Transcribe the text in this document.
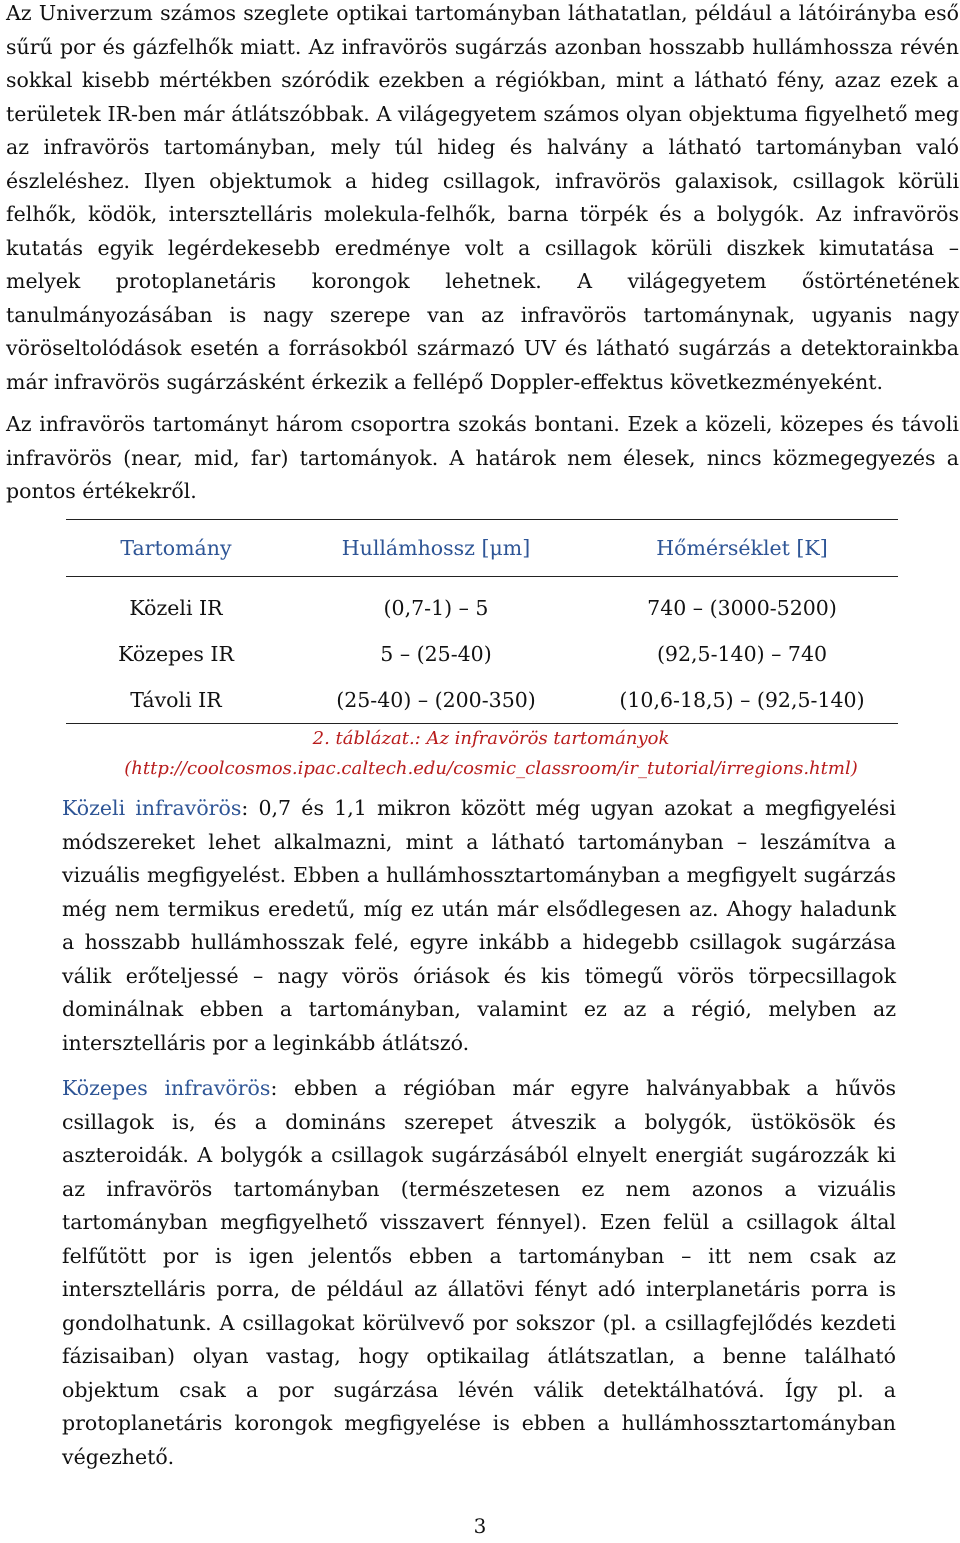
Az Univerzum számos szeglete optikai tartományban láthatatlan, például a látóirányba eső sűrű por és gázfelhők miatt. Az infravörös sugárzás azonban hosszabb hullámhossza révén sokkal kisebb mértékben szóródik ezekben a régiókban, mint a látható fény, azaz ezek a területek IR-ben már átlátszóbbak. A világegyetem számos olyan objektuma figyelhető meg az infravörös tartományban, mely túl hideg és halvány a látható tartományban való észleléshez. Ilyen objektumok a hideg csillagok, infravörös galaxisok, csillagok körüli felhők, ködök, intersztelláris molekula-felhők, barna törpék és a bolygók. Az infravörös kutatás egyik legérdekesebb eredménye volt a csillagok körüli diszkek kimutatása – melyek protoplanetáris korongok lehetnek. A világegyetem őstörténetének tanulmányozásában is nagy szerepe van az infravörös tartománynak, ugyanis nagy vöröseltolódások esetén a forrásokból származó UV és látható sugárzás a detektorainkba már infravörös sugárzásként érkezik a fellépő Doppler-effektus következményeként.

Az infravörös tartományt három csoportra szokás bontani. Ezek a közeli, közepes és távoli infravörös (near, mid, far) tartományok. A határok nem élesek, nincs közmegegyezés a pontos értékekről.

Tartomány	Hullámhossz [μm]	Hőmérséklet [K]
Közeli IR	(0,7-1) – 5	740 – (3000-5200)
Közepes IR	5 – (25-40)	(92,5-140) – 740
Távoli IR	(25-40) – (200-350)	(10,6-18,5) – (92,5-140)
2. táblázat.: Az infravörös tartományok
(http://coolcosmos.ipac.caltech.edu/cosmic_classroom/ir_tutorial/irregions.html)

Közeli infravörös: 0,7 és 1,1 mikron között még ugyan azokat a megfigyelési módszereket lehet alkalmazni, mint a látható tartományban – leszámítva a vizuális megfigyelést. Ebben a hullámhossztartományban a megfigyelt sugárzás még nem termikus eredetű, míg ez után már elsődlegesen az. Ahogy haladunk a hosszabb hullámhosszak felé, egyre inkább a hidegebb csillagok sugárzása válik erőteljessé – nagy vörös óriások és kis tömegű vörös törpecsillagok dominálnak ebben a tartományban, valamint ez az a régió, melyben az intersztelláris por a leginkább átlátszó.

Közepes infravörös: ebben a régióban már egyre halványabbak a hűvös csillagok is, és a domináns szerepet átveszik a bolygók, üstökösök és aszteroidák. A bolygók a csillagok sugárzásából elnyelt energiát sugározzák ki az infravörös tartományban (természetesen ez nem azonos a vizuális tartományban megfigyelhető visszavert fénnyel). Ezen felül a csillagok által felfűtött por is igen jelentős ebben a tartományban – itt nem csak az intersztelláris porra, de például az állatövi fényt adó interplanetáris porra is gondolhatunk. A csillagokat körülvevő por sokszor (pl. a csillagfejlődés kezdeti fázisaiban) olyan vastag, hogy optikailag átlátszatlan, a benne található objektum csak a por sugárzása lévén válik detektálhatóvá. Így pl. a protoplanetáris korongok megfigyelése is ebben a hullámhossztartományban végezhető.

3
